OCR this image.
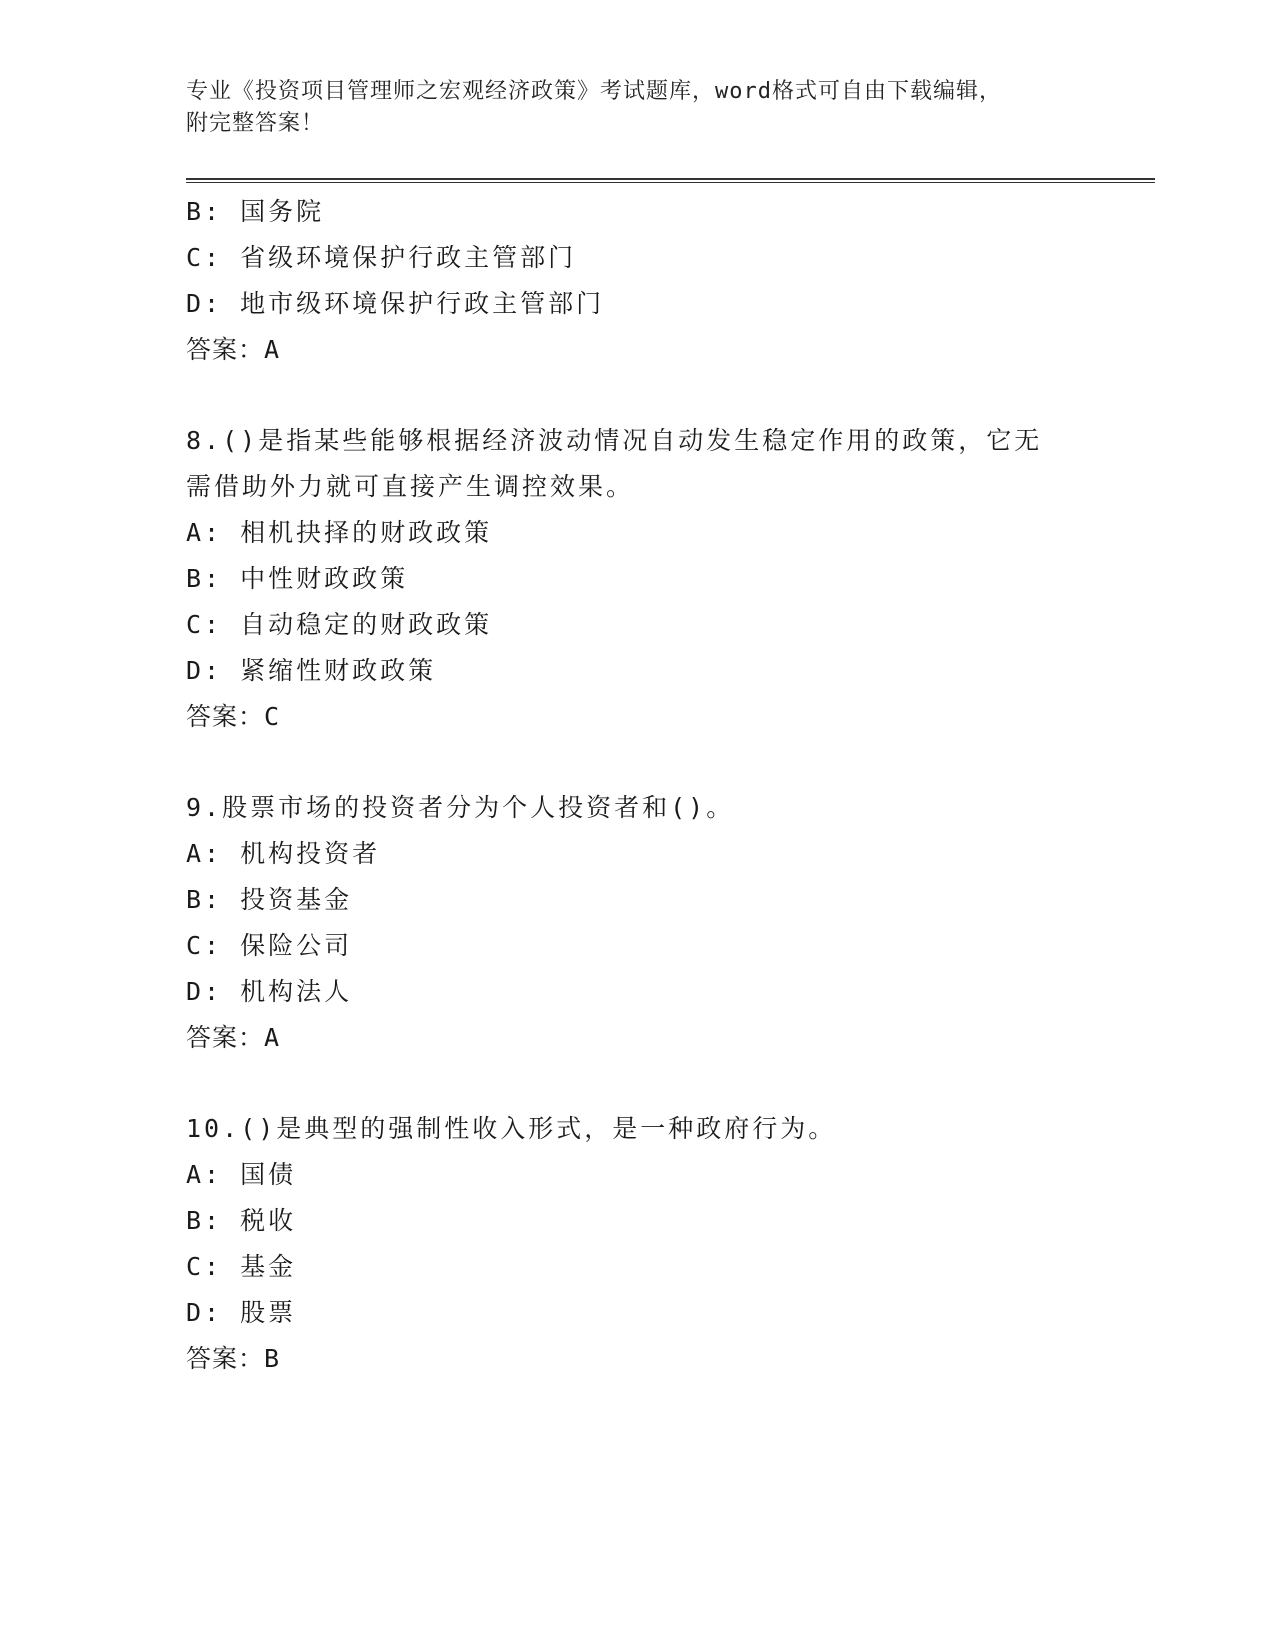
专业《投资项目管理师之宏观经济政策》考试题库，word格式可自由下载编辑，
附完整答案！
B: 国务院
C: 省级环境保护行政主管部门
D: 地市级环境保护行政主管部门
答案：A
8.()是指某些能够根据经济波动情况自动发生稳定作用的政策，它无
需借助外力就可直接产生调控效果。
A: 相机抉择的财政政策
B: 中性财政政策
C: 自动稳定的财政政策
D: 紧缩性财政政策
答案：C
9.股票市场的投资者分为个人投资者和()。
A: 机构投资者
B: 投资基金
C: 保险公司
D: 机构法人
答案：A
10.()是典型的强制性收入形式，是一种政府行为。
A: 国债
B: 税收
C: 基金
D: 股票
答案：B
